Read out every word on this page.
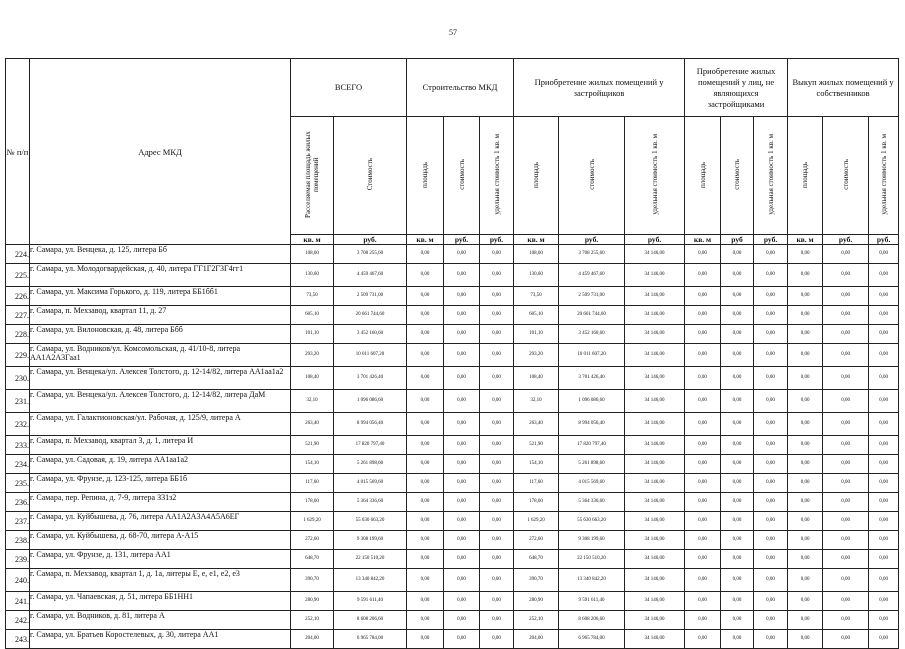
57
№ п/п	Адрес МКД	ВСЕГО		Строительство МКД			Приобретение жилых помещений у застройщиков			Приобретение жилых помещений у лиц, не являющихся застройщиками			Выкуп жилых помещений у собственников		
		Расселяемая площадь жилых помещений	Стоимость	площадь	стоимость	удельная стоимость 1 кв. м	площадь	стоимость	удельная стоимость 1 кв. м	площадь	стоимость	удельная стоимость 1 кв. м	площадь	стоимость	удельная стоимость 1 кв. м
		кв. м	руб.	кв. м	руб.	руб.	кв. м	руб.	руб.	кв. м	руб	руб.	кв. м	руб.	руб.
224.	г. Самара, ул. Венцека, д. 125, литера Бб	108,60	3 708 255,60	0,00	0,00	0,00	108,60	3 708 255,60	34 146,00	0,00	0,00	0,00	0,00	0,00	0,00
225.	г. Самара, ул. Молодогвардейская, д. 40, литера ГГ1Г2Г3Г4гг1	130,60	4 459 467,60	0,00	0,00	0,00	130,60	4 459 467,60	34 146,00	0,00	0,00	0,00	0,00	0,00	0,00
226.	г. Самара, ул. Максима Горького, д. 119, литера ББ1бб1	73,50	2 509 731,00	0,00	0,00	0,00	73,50	2 509 731,00	34 146,00	0,00	0,00	0,00	0,00	0,00	0,00
227.	г. Самара, п. Мехзавод, квартал 11, д. 27	605,10	20 661 744,60	0,00	0,00	0,00	605,10	20 661 744,60	34 146,00	0,00	0,00	0,00	0,00	0,00	0,00
228.	г. Самара, ул. Вилоновская, д. 48, литера Ббб	101,10	3 452 160,60	0,00	0,00	0,00	101,10	3 452 160,60	34 146,00	0,00	0,00	0,00	0,00	0,00	0,00
229.	г. Самара, ул. Водников/ул. Комсомольская, д. 41/10-8, литера АА1А2А3Гаа1	293,20	10 011 607,20	0,00	0,00	0,00	293,20	10 011 607,20	34 146,00	0,00	0,00	0,00	0,00	0,00	0,00
230.	г. Самара, ул. Венцека/ул. Алексея Толстого, д. 12-14/82, литера АА1аа1а2	108,40	3 701 426,40	0,00	0,00	0,00	108,40	3 701 426,40	34 146,00	0,00	0,00	0,00	0,00	0,00	0,00
231.	г. Самара, ул. Венцека/ул. Алексея Толстого, д. 12-14/82, литера ДаМ	32,10	1 096 086,60	0,00	0,00	0,00	32,10	1 096 086,60	34 146,00	0,00	0,00	0,00	0,00	0,00	0,00
232.	г. Самара, ул. Галактионовская/ул. Рабочая, д. 125/9, литера А	263,40	8 994 056,40	0,00	0,00	0,00	263,40	8 994 056,40	34 146,00	0,00	0,00	0,00	0,00	0,00	0,00
233.	г. Самара, п. Мехзавод, квартал 3, д. 1, литера И	521,90	17 820 797,40	0,00	0,00	0,00	521,90	17 820 797,40	34 146,00	0,00	0,00	0,00	0,00	0,00	0,00
234.	г. Самара, ул. Садовая, д. 19, литера АА1аа1а2	154,10	5 261 898,60	0,00	0,00	0,00	154,10	5 261 898,60	34 146,00	0,00	0,00	0,00	0,00	0,00	0,00
235.	г. Самара, ул. Фрунзе, д. 123-125, литера ББ1б	117,60	4 015 569,60	0,00	0,00	0,00	117,60	4 015 569,60	34 146,00	0,00	0,00	0,00	0,00	0,00	0,00
236.	г. Самара, пер. Репина, д. 7-9, литера З31з2	178,60	5 364 336,60	0,00	0,00	0,00	178,60	5 364 336,60	34 146,00	0,00	0,00	0,00	0,00	0,00	0,00
237.	г. Самара, ул. Куйбышева, д. 76, литера АА1А2А3А4А5А6ЕГ	1 629,20	55 630 663,20	0,00	0,00	0,00	1 629,20	55 630 663,20	34 146,00	0,00	0,00	0,00	0,00	0,00	0,00
238.	г. Самара, ул. Куйбышева, д. 68-70, литера А-А15	272,60	9 308 199,60	0,00	0,00	0,00	272,60	9 308 199,60	34 146,00	0,00	0,00	0,00	0,00	0,00	0,00
239.	г. Самара, ул. Фрунзе, д. 131, литера АА1	648,70	22 150 510,20	0,00	0,00	0,00	648,70	22 150 510,20	34 146,00	0,00	0,00	0,00	0,00	0,00	0,00
240.	г. Самара, п. Мехзавод, квартал 1, д. 1а, литеры Е, е, е1, е2, е3	390,70	13 340 842,20	0,00	0,00	0,00	390,70	13 340 842,20	34 146,00	0,00	0,00	0,00	0,00	0,00	0,00
241.	г. Самара, ул. Чапаевская, д. 51, литера ББ1НН1	280,90	9 591 611,40	0,00	0,00	0,00	280,90	9 591 611,40	34 146,00	0,00	0,00	0,00	0,00	0,00	0,00
242.	г. Самара, ул. Водников, д. 81, литера А	252,10	8 608 206,60	0,00	0,00	0,00	252,10	8 608 206,60	34 146,00	0,00	0,00	0,00	0,00	0,00	0,00
243.	г. Самара, ул. Братьев Коростелевых, д. 30, литера АА1	204,00	6 965 784,00	0,00	0,00	0,00	204,00	6 965 784,00	34 146,00	0,00	0,00	0,00	0,00	0,00	0,00
